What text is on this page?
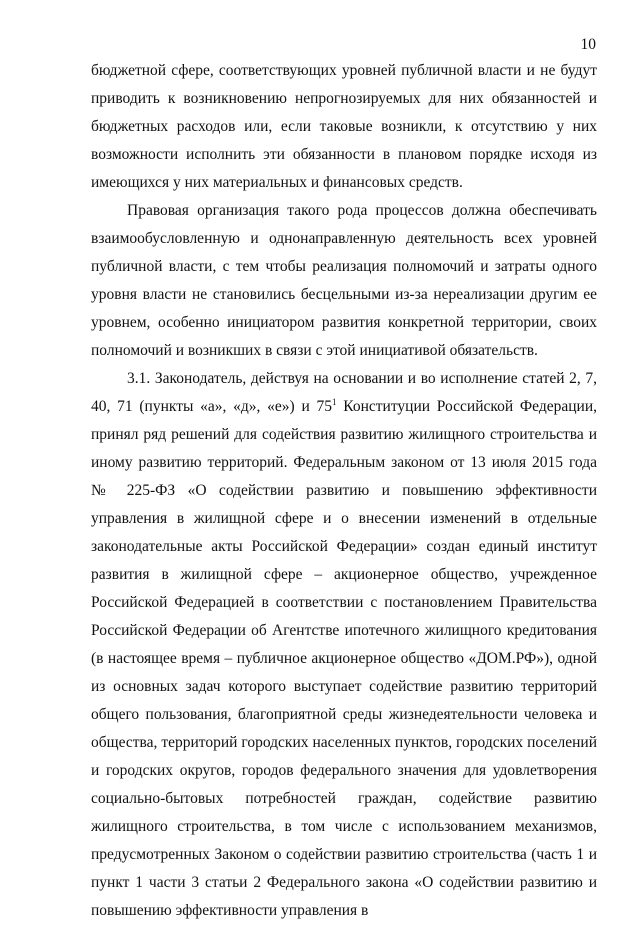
10

бюджетной сфере, соответствующих уровней публичной власти и не будут приводить к возникновению непрогнозируемых для них обязанностей и бюджетных расходов или, если таковые возникли, к отсутствию у них возможности исполнить эти обязанности в плановом порядке исходя из имеющихся у них материальных и финансовых средств.

Правовая организация такого рода процессов должна обеспечивать взаимообусловленную и однонаправленную деятельность всех уровней публичной власти, с тем чтобы реализация полномочий и затраты одного уровня власти не становились бесцельными из-за нереализации другим ее уровнем, особенно инициатором развития конкретной территории, своих полномочий и возникших в связи с этой инициативой обязательств.

3.1. Законодатель, действуя на основании и во исполнение статей 2, 7, 40, 71 (пункты «а», «д», «е») и $75^1$ Конституции Российской Федерации, принял ряд решений для содействия развитию жилищного строительства и иному развитию территорий. Федеральным законом от 13 июля 2015 года № 225-ФЗ «О содействии развитию и повышению эффективности управления в жилищной сфере и о внесении изменений в отдельные законодательные акты Российской Федерации» создан единый институт развития в жилищной сфере – акционерное общество, учрежденное Российской Федерацией в соответствии с постановлением Правительства Российской Федерации об Агентстве ипотечного жилищного кредитования (в настоящее время – публичное акционерное общество «ДОМ.РФ»), одной из основных задач которого выступает содействие развитию территорий общего пользования, благоприятной среды жизнедеятельности человека и общества, территорий городских населенных пунктов, городских поселений и городских округов, городов федерального значения для удовлетворения социально-бытовых потребностей граждан, содействие развитию жилищного строительства, в том числе с использованием механизмов, предусмотренных Законом о содействии развитию строительства (часть 1 и пункт 1 части 3 статьи 2 Федерального закона «О содействии развитию и повышению эффективности управления в
